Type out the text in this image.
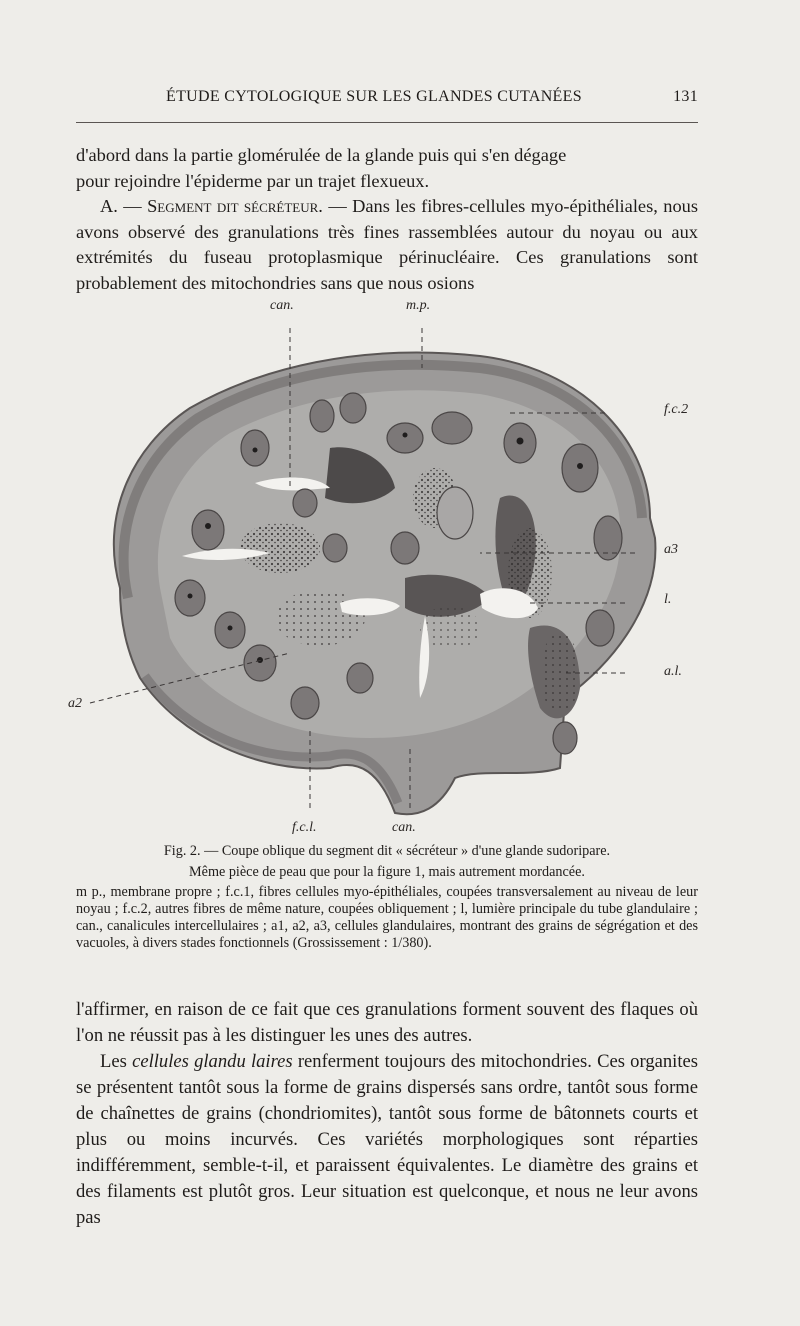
ÉTUDE CYTOLOGIQUE SUR LES GLANDES CUTANÉES	131

d'abord dans la partie glomérulée de la glande puis qui s'en dégage

pour rejoindre l'épiderme par un trajet flexueux.

A. — Segment dit sécréteur. — Dans les fibres-cellules myo-épithéliales, nous avons observé des granulations très fines rassemblées autour du noyau ou aux extrémités du fuseau protoplasmique périnucléaire. Ces granulations sont probablement des mitochondries sans que nous osions

can.	m.p.
f.c.2
a3
l.
a.l.
a2
f.c.l.	can.

Fig. 2. — Coupe oblique du segment dit « sécréteur » d'une glande sudoripare.

Même pièce de peau que pour la figure 1, mais autrement mordancée.

m p., membrane propre ; f.c.1, fibres cellules myo-épithéliales, coupées transversalement au niveau de leur noyau ; f.c.2, autres fibres de même nature, coupées obliquement ; l, lumière principale du tube glandulaire ; can., canalicules intercellulaires ; a1, a2, a3, cellules glandulaires, montrant des grains de ségrégation et des vacuoles, à divers stades fonctionnels (Grossissement : 1/380).

l'affirmer, en raison de ce fait que ces granulations forment souvent des flaques où l'on ne réussit pas à les distinguer les unes des autres.

Les cellules glandu laires renferment toujours des mitochondries. Ces organites se présentent tantôt sous la forme de grains dispersés sans ordre, tantôt sous forme de chaînettes de grains (chondriomites), tantôt sous forme de bâtonnets courts et plus ou moins incurvés. Ces variétés morphologiques sont réparties indifféremment, semble-t-il, et paraissent équivalentes. Le diamètre des grains et des filaments est plutôt gros. Leur situation est quelconque, et nous ne leur avons pas
